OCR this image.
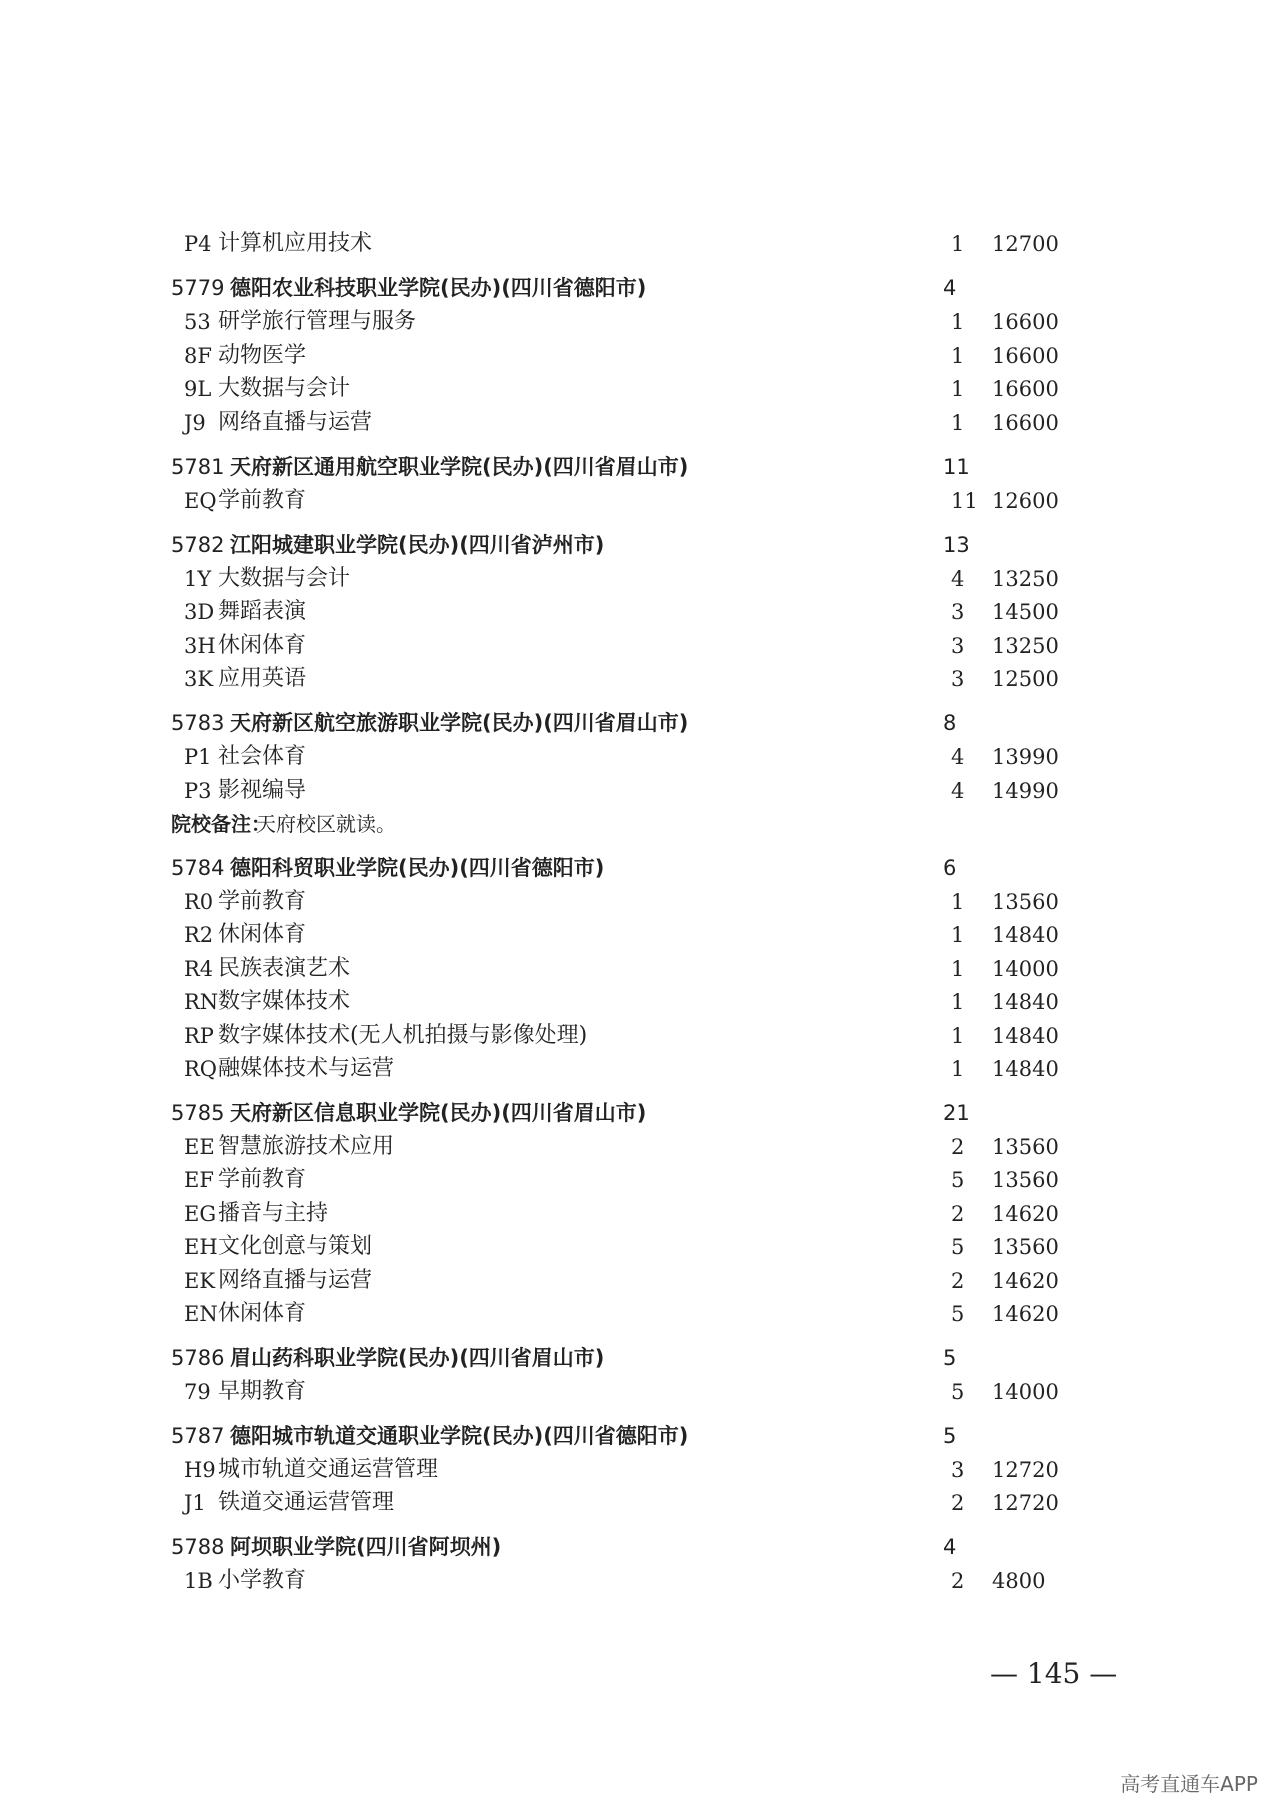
P4 计算机应用技术	1 12700
5779 德阳农业科技职业学院(民办)(四川省德阳市)	4
53 研学旅行管理与服务	1 16600
8F 动物医学	1 16600
9L 大数据与会计	1 16600
J9 网络直播与运营	1 16600
5781 天府新区通用航空职业学院(民办)(四川省眉山市)	11
EQ 学前教育	11 12600
5782 江阳城建职业学院(民办)(四川省泸州市)	13
1Y 大数据与会计	4 13250
3D 舞蹈表演	3 14500
3H 休闲体育	3 13250
3K 应用英语	3 12500
5783 天府新区航空旅游职业学院(民办)(四川省眉山市)	8
P1 社会体育	4 13990
P3 影视编导	4 14990
院校备注：
天府校区就读。
5784 德阳科贸职业学院(民办)(四川省德阳市)	6
R0 学前教育	1 13560
R2 休闲体育	1 14840
R4 民族表演艺术	1 14000
RN 数字媒体技术	1 14840
RP 数字媒体技术(无人机拍摄与影像处理)	1 14840
RQ 融媒体技术与运营	1 14840
5785 天府新区信息职业学院(民办)(四川省眉山市)	21
EE 智慧旅游技术应用	2 13560
EF 学前教育	5 13560
EG 播音与主持	2 14620
EH 文化创意与策划	5 13560
EK 网络直播与运营	2 14620
EN 休闲体育	5 14620
5786 眉山药科职业学院(民办)(四川省眉山市)	5
79 早期教育	5 14000
5787 德阳城市轨道交通职业学院(民办)(四川省德阳市)	5
H9 城市轨道交通运营管理	3 12720
J1 铁道交通运营管理	2 12720
5788 阿坝职业学院(四川省阿坝州)	4
1B 小学教育	2 4800
— 145 —
高考直通车APP
